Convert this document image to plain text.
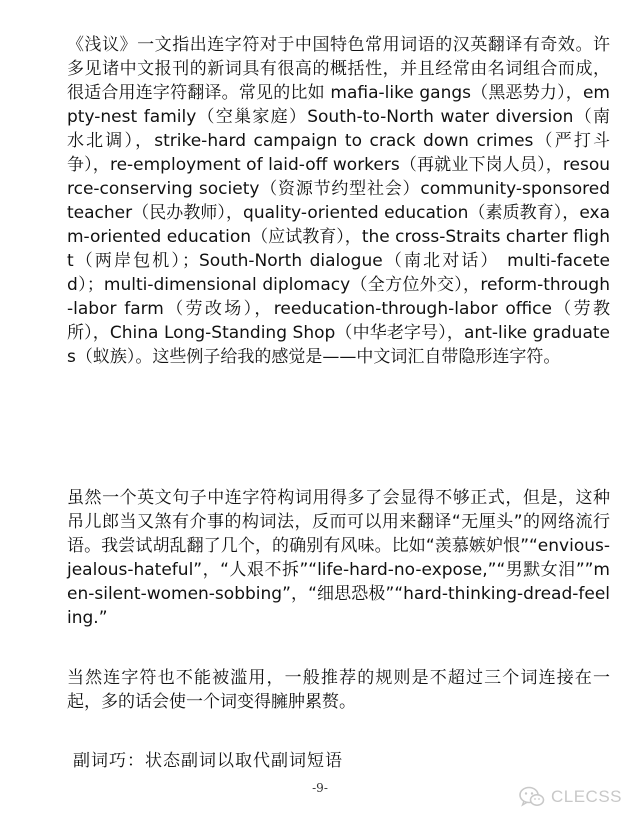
《浅议》一文指出连字符对于中国特色常用词语的汉英翻译有奇效。许多见诸中文报刊的新词具有很高的概括性，并且经常由名词组合而成，很适合用连字符翻译。常见的比如 mafia-like gangs（黑恶势力），empty-nest family（空巢家庭）South-to-North water diversion（南水北调），strike-hard campaign to crack down crimes（严打斗争），re-employment of laid-off workers（再就业下岗人员），resource-conserving society（资源节约型社会）community-sponsored teacher（民办教师），quality-oriented education（素质教育），exam-oriented education（应试教育），the cross-Straits charter flight（两岸包机）；South-North dialogue（南北对话） multi-faceted）；multi-dimensional diplomacy（全方位外交），reform-through-labor farm（劳改场），reeducation-through-labor office（劳教所），China Long-Standing Shop（中华老字号），ant-like graduates（蚁族）。这些例子给我的感觉是——中文词汇自带隐形连字符。

虽然一个英文句子中连字符构词用得多了会显得不够正式，但是，这种吊儿郎当又煞有介事的构词法，反而可以用来翻译“无厘头”的网络流行语。我尝试胡乱翻了几个，的确别有风味。比如“羡慕嫉妒恨”“envious-jealous-hateful”，“人艰不拆”“life-hard-no-expose,”“男默女泪””men-silent-women-sobbing”，“细思恐极”“hard-thinking-dread-feeling.”

当然连字符也不能被滥用，一般推荐的规则是不超过三个词连接在一起，多的话会使一个词变得臃肿累赘。

副词巧：状态副词以取代副词短语

-9-	CLECSS
